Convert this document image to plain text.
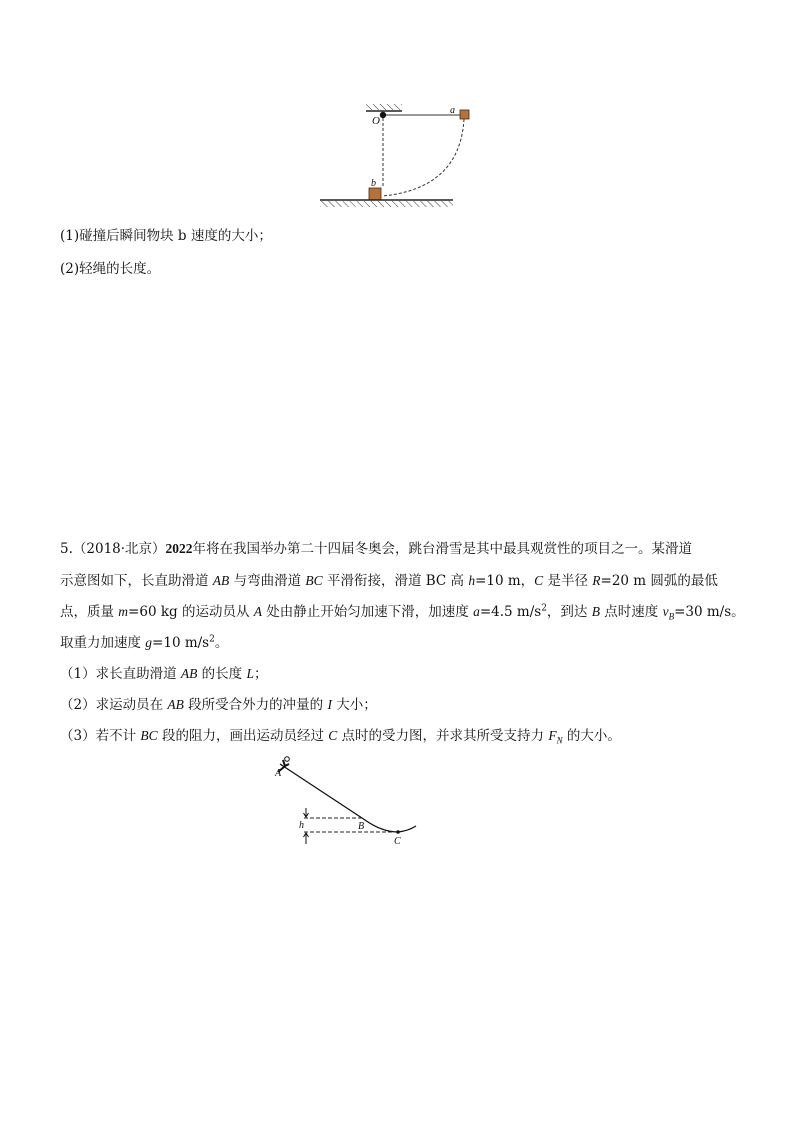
O
a
b
(1)碰撞后瞬间物块 b 速度的大小；
(2)轻绳的长度。
5.（2018·北京）2022年将在我国举办第二十四届冬奥会，跳台滑雪是其中最具观赏性的项目之一。某滑道
示意图如下，长直助滑道 AB 与弯曲滑道 BC 平滑衔接，滑道 BC 高 h=10 m，C 是半径 R=20 m 圆弧的最低
点，质量 m=60 kg 的运动员从 A 处由静止开始匀加速下滑，加速度 a=4.5 $m/s^2$，到达 B 点时速度 $v_B=30$ m/s。
取重力加速度 g=10 $m/s^2$。
（1）求长直助滑道 AB 的长度 L；
（2）求运动员在 AB 段所受合外力的冲量的 I 大小；
（3）若不计 BC 段的阻力，画出运动员经过 C 点时的受力图，并求其所受支持力 $F_N$ 的大小。
A
B
C
h
